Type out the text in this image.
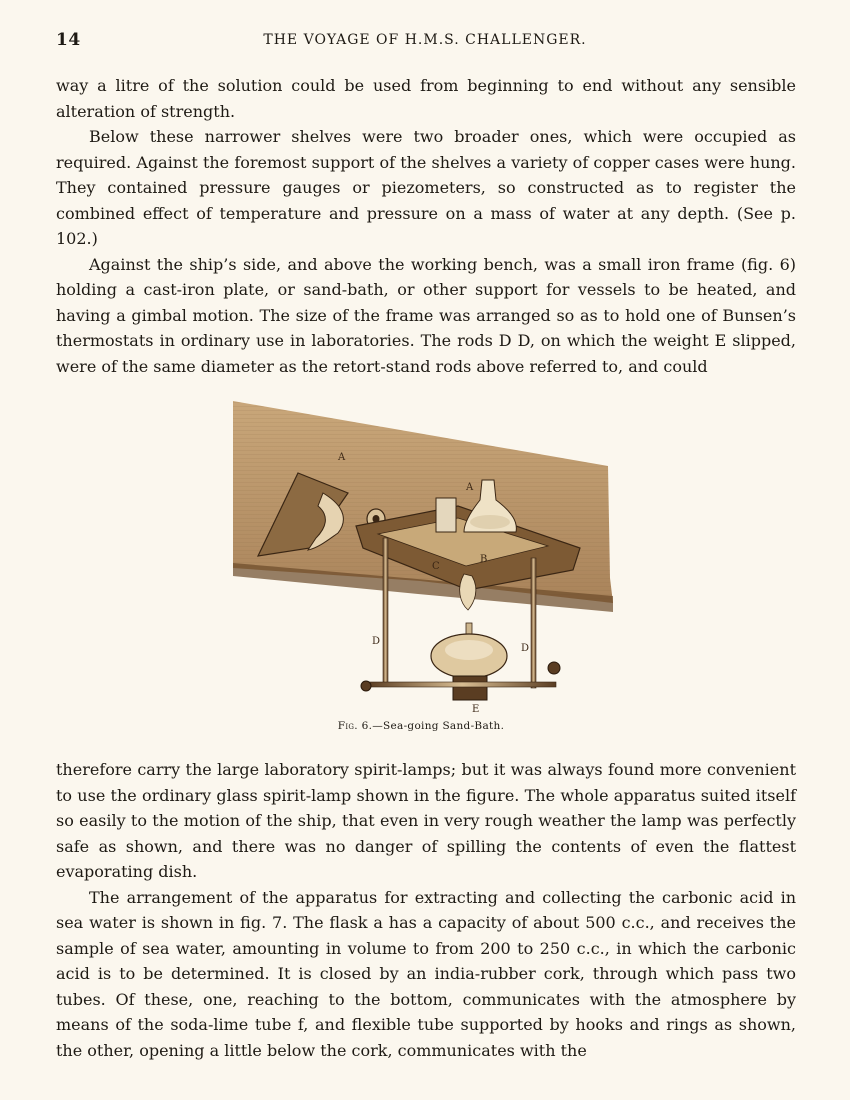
14	THE VOYAGE OF H.M.S. CHALLENGER.

way a litre of the solution could be used from beginning to end without any sensible alteration of strength.

Below these narrower shelves were two broader ones, which were occupied as required. Against the foremost support of the shelves a variety of copper cases were hung. They contained pressure gauges or piezometers, so constructed as to register the combined effect of temperature and pressure on a mass of water at any depth. (See p. 102.)

Against the ship’s side, and above the working bench, was a small iron frame (fig. 6) holding a cast-iron plate, or sand-bath, or other support for vessels to be heated, and having a gimbal motion. The size of the frame was arranged so as to hold one of Bunsen’s thermostats in ordinary use in laboratories. The rods D D, on which the weight E slipped, were of the same diameter as the retort-stand rods above referred to, and could

A
A
B
C
D
D
E
Fig. 6.—Sea-going Sand-Bath.

therefore carry the large laboratory spirit-lamps; but it was always found more convenient to use the ordinary glass spirit-lamp shown in the figure. The whole apparatus suited itself so easily to the motion of the ship, that even in very rough weather the lamp was perfectly safe as shown, and there was no danger of spilling the contents of even the flattest evaporating dish.

The arrangement of the apparatus for extracting and collecting the carbonic acid in sea water is shown in fig. 7. The flask a has a capacity of about 500 c.c., and receives the sample of sea water, amounting in volume to from 200 to 250 c.c., in which the carbonic acid is to be determined. It is closed by an india-rubber cork, through which pass two tubes. Of these, one, reaching to the bottom, communicates with the atmosphere by means of the soda-lime tube f, and flexible tube supported by hooks and rings as shown, the other, opening a little below the cork, communicates with the
